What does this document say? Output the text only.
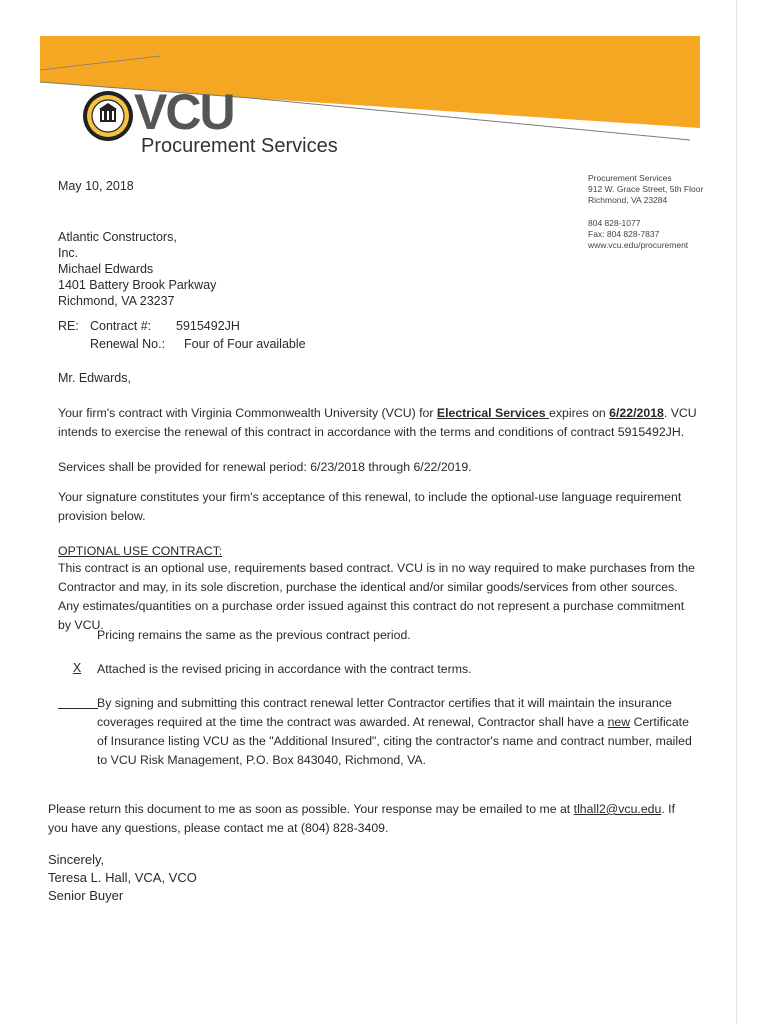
VCU
Procurement Services
Procurement Services
912 W. Grace Street, 5th Floor
Richmond, VA 23284
804 828-1077
Fax: 804 828-7837
www.vcu.edu/procurement
May 10, 2018
Atlantic Constructors,
Inc.
Michael Edwards
1401 Battery Brook Parkway
Richmond, VA 23237
RE: Contract #: 5915492JH
Renewal No.: Four of Four available
Mr. Edwards,
Your firm's contract with Virginia Commonwealth University (VCU) for Electrical Services expires on 6/22/2018. VCU intends to exercise the renewal of this contract in accordance with the terms and conditions of contract 5915492JH.
Services shall be provided for renewal period: 6/23/2018 through 6/22/2019.
Your signature constitutes your firm's acceptance of this renewal, to include the optional-use language requirement provision below.
OPTIONAL USE CONTRACT:
This contract is an optional use, requirements based contract. VCU is in no way required to make purchases from the Contractor and may, in its sole discretion, purchase the identical and/or similar goods/services from other sources. Any estimates/quantities on a purchase order issued against this contract do not represent a purchase commitment by VCU.
Pricing remains the same as the previous contract period.
X	Attached is the revised pricing in accordance with the contract terms.
By signing and submitting this contract renewal letter Contractor certifies that it will maintain the insurance coverages required at the time the contract was awarded. At renewal, Contractor shall have a new Certificate of Insurance listing VCU as the "Additional Insured", citing the contractor's name and contract number, mailed to VCU Risk Management, P.O. Box 843040, Richmond, VA.
Please return this document to me as soon as possible. Your response may be emailed to me at tlhall2@vcu.edu. If you have any questions, please contact me at (804) 828-3409.
Sincerely,
Teresa L. Hall, VCA, VCO
Senior Buyer
